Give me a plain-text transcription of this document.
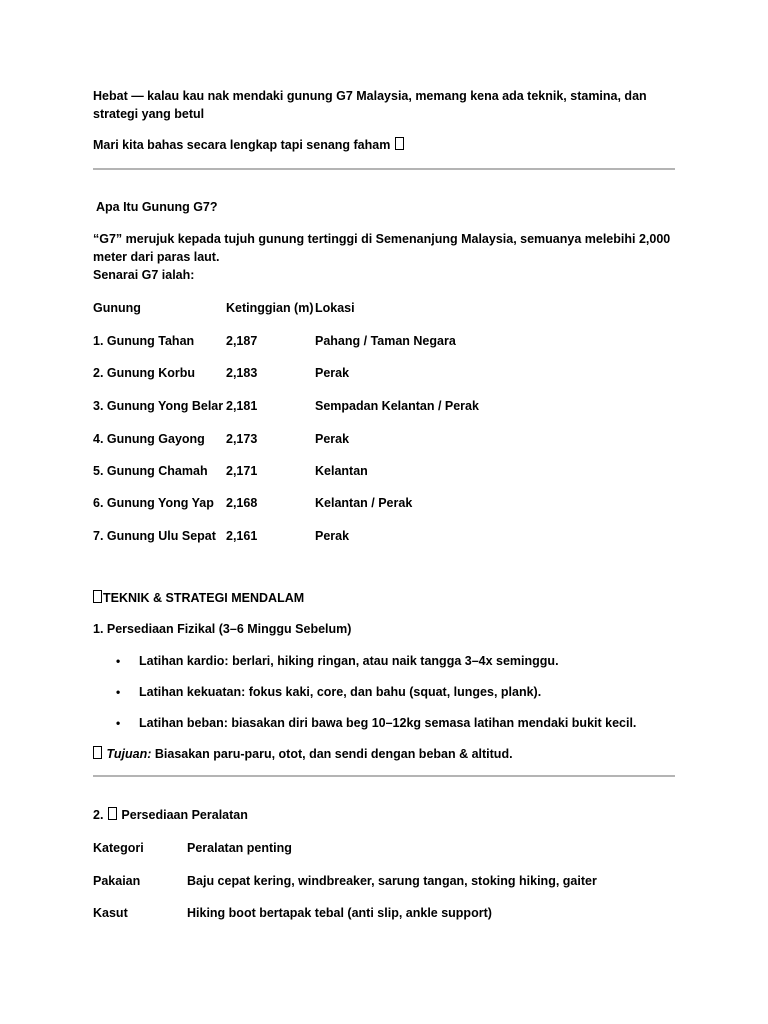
Hebat — kalau kau nak mendaki gunung G7 Malaysia, memang kena ada teknik, stamina, dan strategi yang betul
Mari kita bahas secara lengkap tapi senang faham
Apa Itu Gunung G7?
“G7” merujuk kepada tujuh gunung tertinggi di Semenanjung Malaysia, semuanya melebihi 2,000 meter dari paras laut.
Senarai G7 ialah:
Gunung	Ketinggian (m) Lokasi
1. Gunung Tahan	2,187	Pahang / Taman Negara
2. Gunung Korbu 2,183	Perak
3. Gunung Yong Belar 2,181	Sempadan Kelantan / Perak
4. Gunung Gayong 2,173	Perak
5. Gunung Chamah 2,171	Kelantan
6. Gunung Yong Yap 2,168	Kelantan / Perak
7. Gunung Ulu Sepat 2,161	Perak
TEKNIK & STRATEGI MENDALAM
1. Persediaan Fizikal (3–6 Minggu Sebelum)
• Latihan kardio: berlari, hiking ringan, atau naik tangga 3–4x seminggu.
• Latihan kekuatan: fokus kaki, core, dan bahu (squat, lunges, plank).
• Latihan beban: biasakan diri bawa beg 10–12kg semasa latihan mendaki bukit kecil.
Tujuan: Biasakan paru-paru, otot, dan sendi dengan beban & altitud.
2. Persediaan Peralatan
Kategori	Peralatan penting
Pakaian	Baju cepat kering, windbreaker, sarung tangan, stoking hiking, gaiter
Kasut	Hiking boot bertapak tebal (anti slip, ankle support)
